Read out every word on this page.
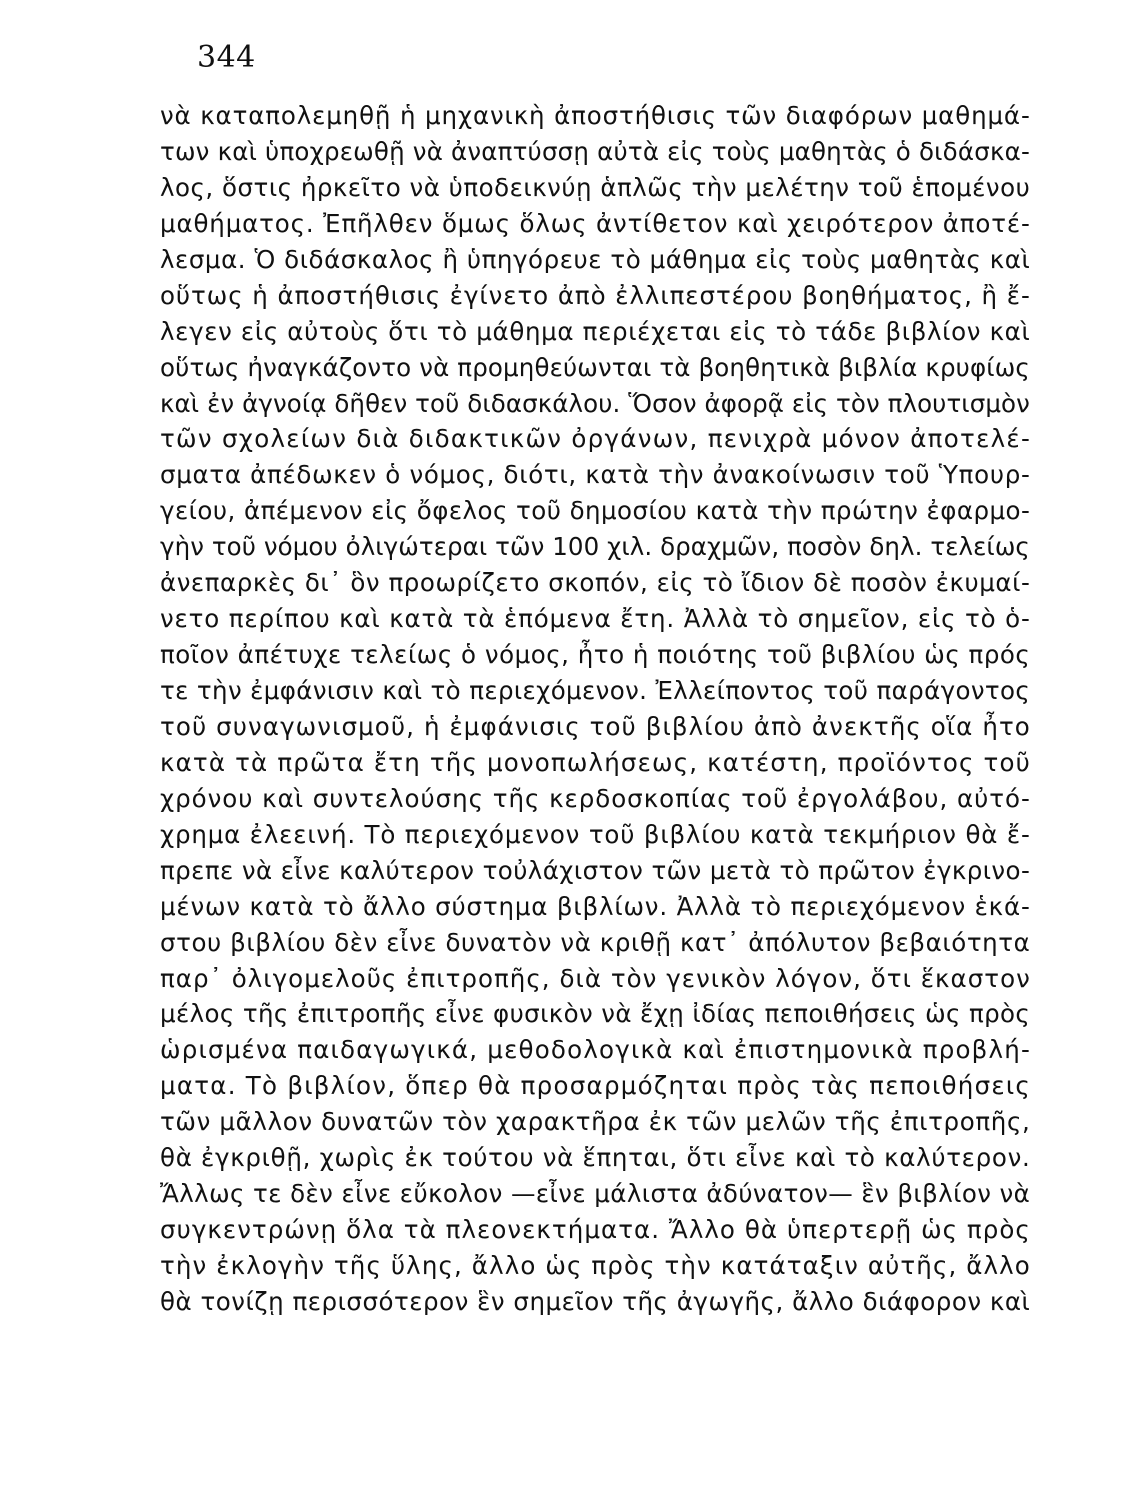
344
νὰ καταπολεμηθῇ ἡ μηχανικὴ ἀποστήθισις τῶν διαφόρων μαθημά-
των καὶ ὑποχρεωθῇ νὰ ἀναπτύσσῃ αὐτὰ εἰς τοὺς μαθητὰς ὁ διδάσκα-
λος, ὅστις ἠρκεῖτο νὰ ὑποδεικνύῃ ἁπλῶς τὴν μελέτην τοῦ ἑπομένου
μαθήματος. Ἐπῆλθεν ὅμως ὅλως ἀντίθετον καὶ χειρότερον ἀποτέ-
λεσμα. Ὁ διδάσκαλος ἢ ὑπηγόρευε τὸ μάθημα εἰς τοὺς μαθητὰς καὶ
οὕτως ἡ ἀποστήθισις ἐγίνετο ἀπὸ ἐλλιπεστέρου βοηθήματος, ἢ ἔ-
λεγεν εἰς αὐτοὺς ὅτι τὸ μάθημα περιέχεται εἰς τὸ τάδε βιβλίον καὶ
οὕτως ἠναγκάζοντο νὰ προμηθεύωνται τὰ βοηθητικὰ βιβλία κρυφίως
καὶ ἐν ἀγνοίᾳ δῆθεν τοῦ διδασκάλου. Ὅσον ἀφορᾷ εἰς τὸν πλουτισμὸν
τῶν σχολείων διὰ διδακτικῶν ὀργάνων, πενιχρὰ μόνον ἀποτελέ-
σματα ἀπέδωκεν ὁ νόμος, διότι, κατὰ τὴν ἀνακοίνωσιν τοῦ Ὑπουρ-
γείου, ἀπέμενον εἰς ὄφελος τοῦ δημοσίου κατὰ τὴν πρώτην ἐφαρμο-
γὴν τοῦ νόμου ὀλιγώτεραι τῶν 100 χιλ. δραχμῶν, ποσὸν δηλ. τελείως
ἀνεπαρκὲς δι᾿ ὃν προωρίζετο σκοπόν, εἰς τὸ ἴδιον δὲ ποσὸν ἐκυμαί-
νετο περίπου καὶ κατὰ τὰ ἑπόμενα ἔτη. Ἀλλὰ τὸ σημεῖον, εἰς τὸ ὁ-
ποῖον ἀπέτυχε τελείως ὁ νόμος, ἦτο ἡ ποιότης τοῦ βιβλίου ὡς πρός
τε τὴν ἐμφάνισιν καὶ τὸ περιεχόμενον. Ἐλλείποντος τοῦ παράγοντος
τοῦ συναγωνισμοῦ, ἡ ἐμφάνισις τοῦ βιβλίου ἀπὸ ἀνεκτῆς οἵα ἦτο
κατὰ τὰ πρῶτα ἔτη τῆς μονοπωλήσεως, κατέστη, προϊόντος τοῦ
χρόνου καὶ συντελούσης τῆς κερδοσκοπίας τοῦ ἐργολάβου, αὐτό-
χρημα ἐλεεινή. Τὸ περιεχόμενον τοῦ βιβλίου κατὰ τεκμήριον θὰ ἔ-
πρεπε νὰ εἶνε καλύτερον τοὐλάχιστον τῶν μετὰ τὸ πρῶτον ἐγκρινο-
μένων κατὰ τὸ ἄλλο σύστημα βιβλίων. Ἀλλὰ τὸ περιεχόμενον ἑκά-
στου βιβλίου δὲν εἶνε δυνατὸν νὰ κριθῇ κατ᾿ ἀπόλυτον βεβαιότητα
παρ᾿ ὀλιγομελοῦς ἐπιτροπῆς, διὰ τὸν γενικὸν λόγον, ὅτι ἕκαστον
μέλος τῆς ἐπιτροπῆς εἶνε φυσικὸν νὰ ἔχῃ ἰδίας πεποιθήσεις ὡς πρὸς
ὡρισμένα παιδαγωγικά, μεθοδολογικὰ καὶ ἐπιστημονικὰ προβλή-
ματα. Τὸ βιβλίον, ὅπερ θὰ προσαρμόζηται πρὸς τὰς πεποιθήσεις
τῶν μᾶλλον δυνατῶν τὸν χαρακτῆρα ἐκ τῶν μελῶν τῆς ἐπιτροπῆς,
θὰ ἐγκριθῇ, χωρὶς ἐκ τούτου νὰ ἕπηται, ὅτι εἶνε καὶ τὸ καλύτερον.
Ἄλλως τε δὲν εἶνε εὔκολον —εἶνε μάλιστα ἀδύνατον— ἓν βιβλίον νὰ
συγκεντρώνῃ ὅλα τὰ πλεονεκτήματα. Ἄλλο θὰ ὑπερτερῇ ὡς πρὸς
τὴν ἐκλογὴν τῆς ὕλης, ἄλλο ὡς πρὸς τὴν κατάταξιν αὐτῆς, ἄλλο
θὰ τονίζῃ περισσότερον ἓν σημεῖον τῆς ἀγωγῆς, ἄλλο διάφορον καὶ
